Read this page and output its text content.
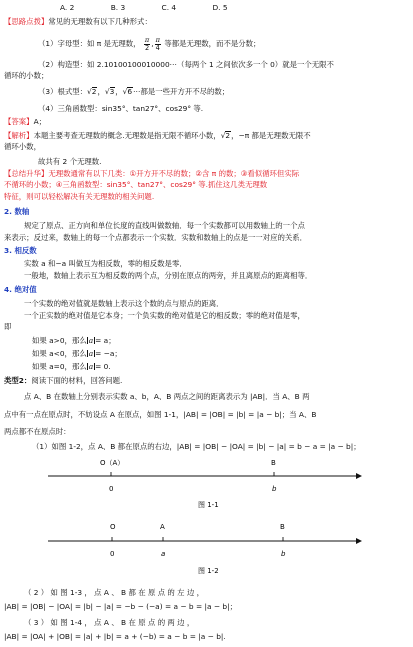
A. 2	B. 3	C. 4	D. 5
【思路点拨】常见的无理数有以下几种形式：
（1）字母型：如 π 是无理数， $\frac{\pi}{2}$ , $\frac{\pi}{4}$ 等都是无理数，而不是分数；
（2）构造型：如 2.10100100010000⋯（每两个 1 之间依次多一个 0）就是一个无限不
循环的小数；
（3）根式型：√2，√3，√6⋯都是一些开方开不尽的数；
（4）三角函数型：sin35°、tan27°、cos29° 等.
【答案】A；
【解析】本题主要考查无理数的概念.无理数是指无限不循环小数，√2，−π 都是无理数无限不
循环小数，
故共有 2 个无理数.
【总结升华】无理数通常有以下几类：①开方开不尽的数；②含 π 的数；③看似循环但实际
不循环的小数；④三角函数型：sin35°、tan27°、cos29° 等.抓住这几类无理数
特征，则可以轻松解决有关无理数的相关问题.
2. 数轴
规定了原点、正方向和单位长度的直线叫做数轴．每一个实数都可以用数轴上的一个点
来表示；反过来，数轴上的每一个点都表示一个实数．实数和数轴上的点是一一对应的关系．
3. 相反数
实数 a 和−a 叫做互为相反数，零的相反数是零．
一般地，数轴上表示互为相反数的两个点，分别在原点的两旁，并且离原点的距离相等．
4. 绝对值
一个实数的绝对值就是数轴上表示这个数的点与原点的距离．
一个正实数的绝对值是它本身；一个负实数的绝对值是它的相反数；零的绝对值是零，
即
如果 a>0，那么 a = a；
如果 a<0，那么 a = −a；
如果 a=0，那么 a = 0.
类型2：阅读下面的材料，回答问题.
点 A、B 在数轴上分别表示实数 a、b，A、B 两点之间的距离表示为 |AB|．当 A、B 两
点中有一点在原点时，不妨设点 A 在原点，如图 1-1，|AB| = |OB| = |b| = |a − b|；当 A、B
两点都不在原点时：
（1）如图 1-2，点 A、B 都在原点的右边，|AB| = |OB| − |OA| = |b| − |a| = b − a = |a − b|；
O（A）	B
0	b
图 1-1
O	A	B
0	a	b
图 1-2
（ 2 ） 如 图 1-3 ， 点 A 、 B 都 在 原 点 的 左 边 ，
|AB| = |OB| − |OA| = |b| − |a| = −b − (−a) = a − b = |a − b|；
（ 3 ） 如 图 1-4 ， 点 A 、 B 在 原 点 的 两 边 ，
|AB| = |OA| + |OB| = |a| + |b| = a + (−b) = a − b = |a − b|.
